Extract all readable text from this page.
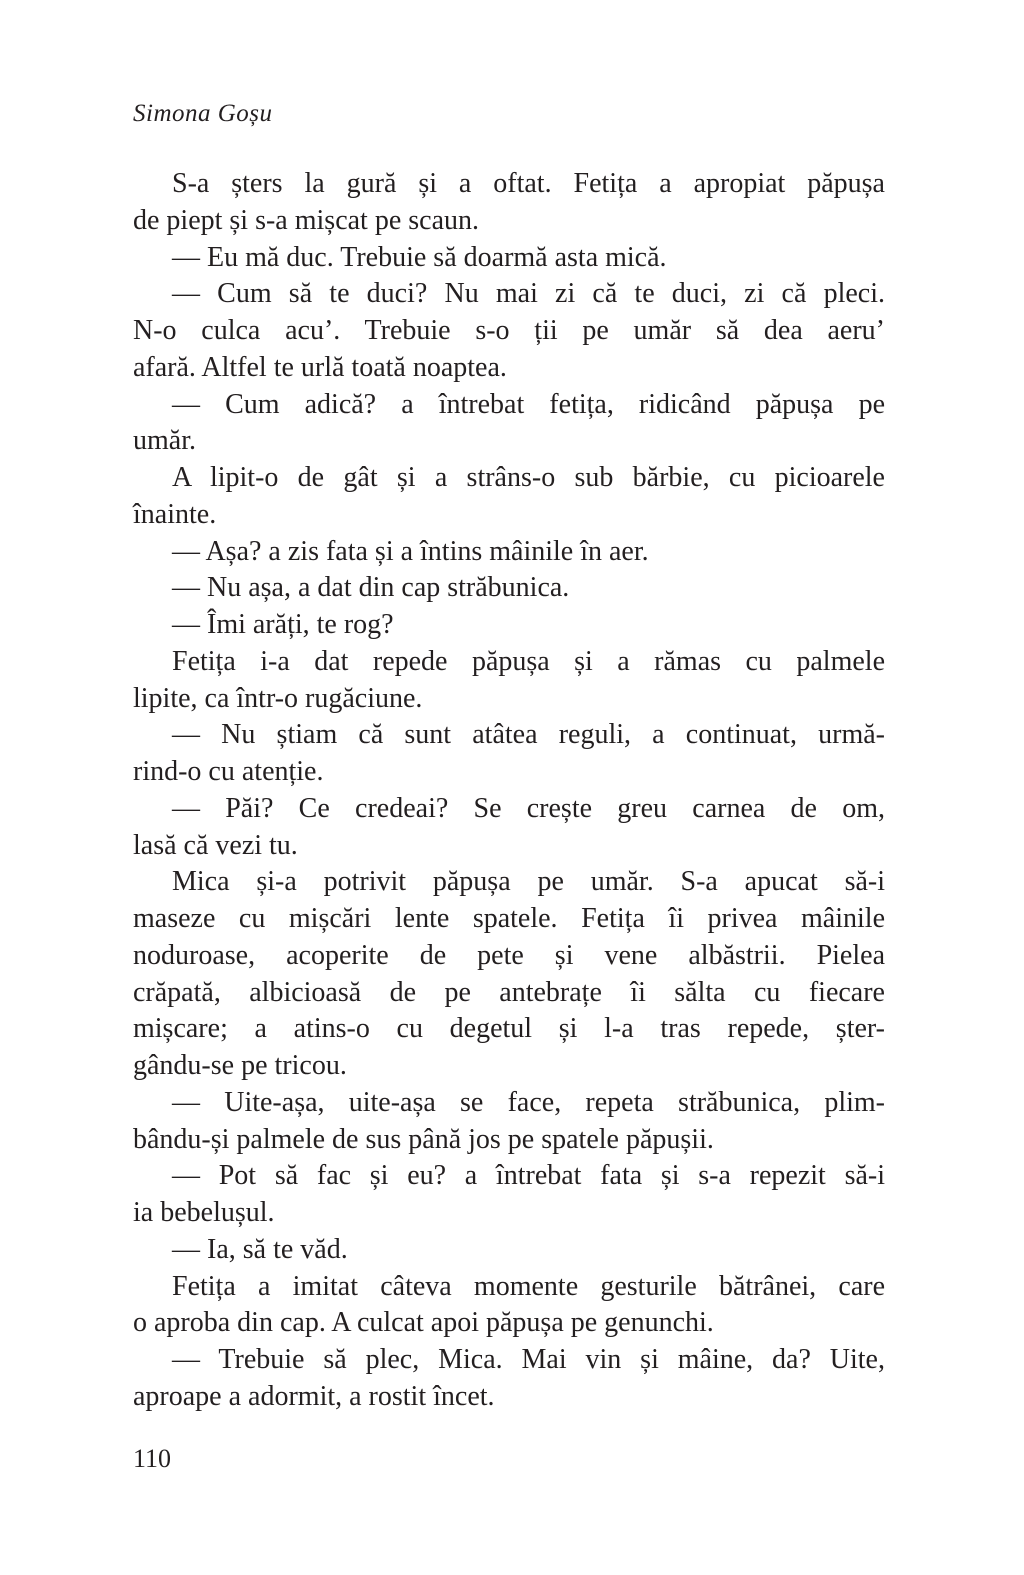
Simona Goșu
S-a șters la gură și a oftat. Fetița a apropiat păpușa
de piept și s-a mișcat pe scaun.
— Eu mă duc. Trebuie să doarmă asta mică.
— Cum să te duci? Nu mai zi că te duci, zi că pleci.
N-o culca acu’. Trebuie s-o ții pe umăr să dea aeru’
afară. Altfel te urlă toată noaptea.
— Cum adică? a întrebat fetița, ridicând păpușa pe
umăr.
A lipit-o de gât și a strâns-o sub bărbie, cu picioarele
înainte.
— Așa? a zis fata și a întins mâinile în aer.
— Nu așa, a dat din cap străbunica.
— Îmi arăți, te rog?
Fetița i-a dat repede păpușa și a rămas cu palmele
lipite, ca într-o rugăciune.
— Nu știam că sunt atâtea reguli, a continuat, urmă-
rind-o cu atenție.
— Păi? Ce credeai? Se crește greu carnea de om,
lasă că vezi tu.
Mica și-a potrivit păpușa pe umăr. S-a apucat să-i
maseze cu mișcări lente spatele. Fetița îi privea mâinile
noduroase, acoperite de pete și vene albăstrii. Pielea
crăpată, albicioasă de pe antebrațe îi sălta cu fiecare
mișcare; a atins-o cu degetul și l-a tras repede, șter-
gându-se pe tricou.
— Uite-așa, uite-așa se face, repeta străbunica, plim-
bându-și palmele de sus până jos pe spatele păpușii.
— Pot să fac și eu? a întrebat fata și s-a repezit să-i
ia bebelușul.
— Ia, să te văd.
Fetița a imitat câteva momente gesturile bătrânei, care
o aproba din cap. A culcat apoi păpușa pe genunchi.
— Trebuie să plec, Mica. Mai vin și mâine, da? Uite,
aproape a adormit, a rostit încet.
110
